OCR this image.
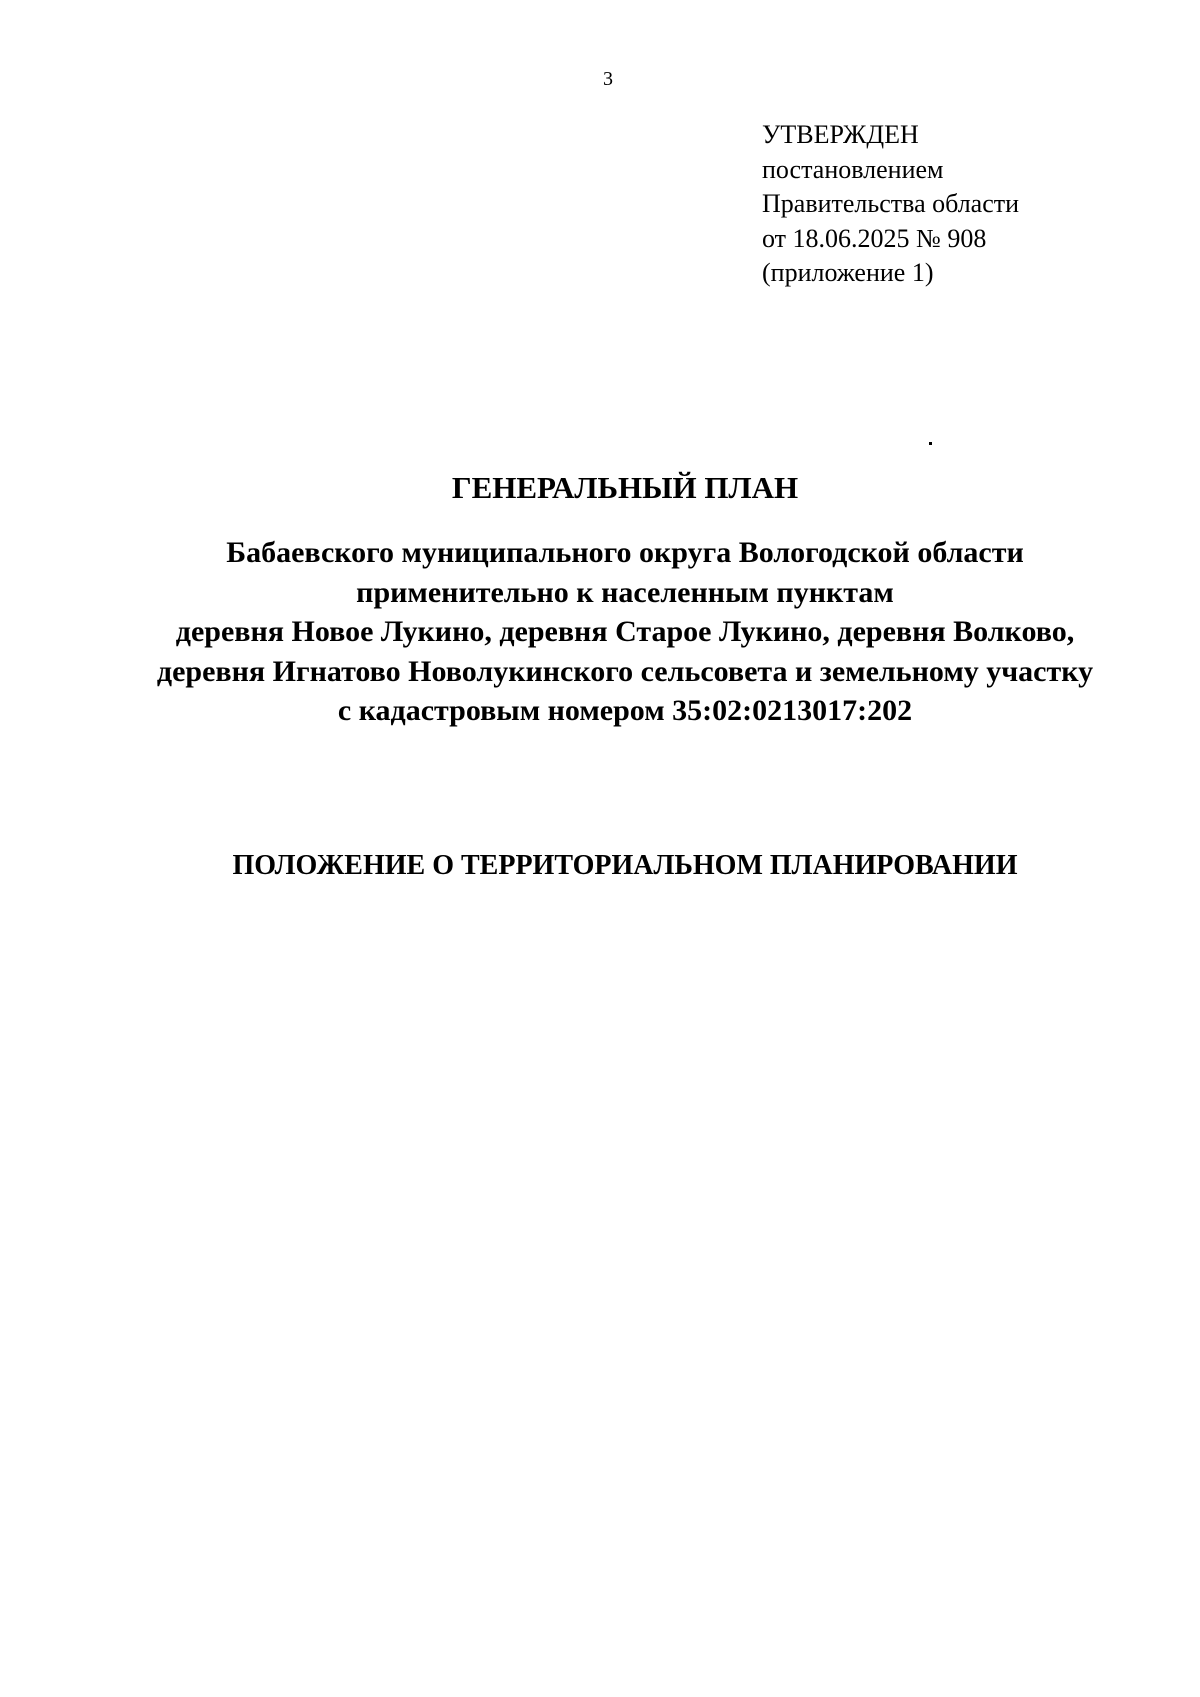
3
УТВЕРЖДЕН
постановлением
Правительства области
от 18.06.2025 № 908
(приложение 1)
ГЕНЕРАЛЬНЫЙ ПЛАН
Бабаевского муниципального округа Вологодской области
применительно к населенным пунктам
деревня Новое Лукино, деревня Старое Лукино, деревня Волково,
деревня Игнатово Новолукинского сельсовета и земельному участку
с кадастровым номером 35:02:0213017:202
ПОЛОЖЕНИЕ О ТЕРРИТОРИАЛЬНОМ ПЛАНИРОВАНИИ
